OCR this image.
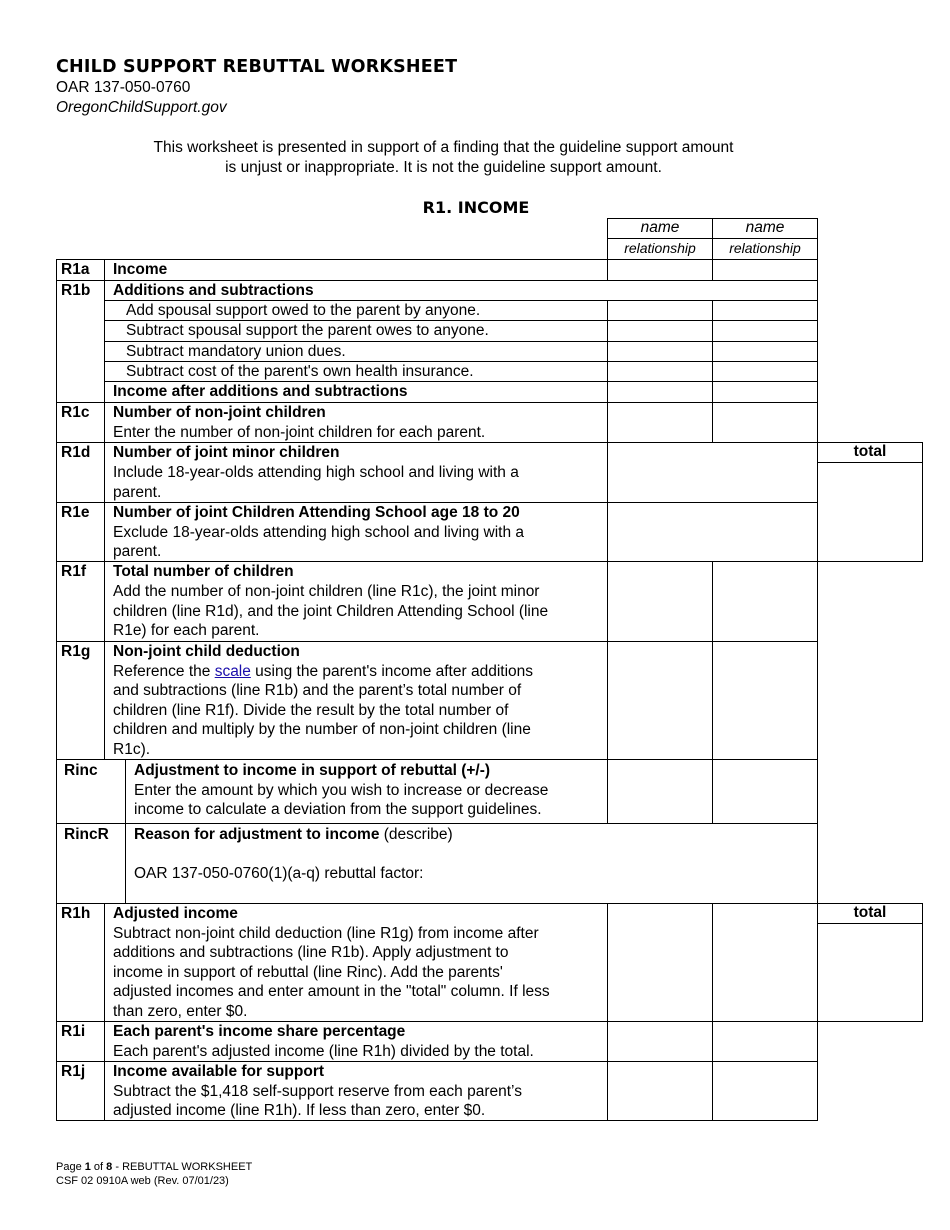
CHILD SUPPORT REBUTTAL WORKSHEET
OAR 137-050-0760
OregonChildSupport.gov
This worksheet is presented in support of a finding that the guideline support amount
is unjust or inappropriate. It is not the guideline support amount.
R1. INCOME
name
relationship
name
relationship
total
total
R1a Income
R1b Additions and subtractions
Add spousal support owed to the parent by anyone.
Subtract spousal support the parent owes to anyone.
Subtract mandatory union dues.
Subtract cost of the parent's own health insurance.
Income after additions and subtractions
R1c Number of non-joint children
Enter the number of non-joint children for each parent.
R1d Number of joint minor children
Include 18-year-olds attending high school and living with a
parent.
R1e Number of joint Children Attending School age 18 to 20
Exclude 18-year-olds attending high school and living with a
parent.
R1f Total number of children
Add the number of non-joint children (line R1c), the joint minor
children (line R1d), and the joint Children Attending School (line
R1e) for each parent.
R1g Non-joint child deduction
Reference the scale using the parent's income after additions
and subtractions (line R1b) and the parent’s total number of
children (line R1f). Divide the result by the total number of
children and multiply by the number of non-joint children (line
R1c).
Rinc Adjustment to income in support of rebuttal (+/-)
Enter the amount by which you wish to increase or decrease
income to calculate a deviation from the support guidelines.
RincR Reason for adjustment to income (describe)
OAR 137-050-0760(1)(a-q) rebuttal factor:
R1h Adjusted income
Subtract non-joint child deduction (line R1g) from income after
additions and subtractions (line R1b). Apply adjustment to
income in support of rebuttal (line Rinc). Add the parents'
adjusted incomes and enter amount in the "total" column. If less
than zero, enter $0.
R1i Each parent's income share percentage
Each parent's adjusted income (line R1h) divided by the total.
R1j Income available for support
Subtract the $1,418 self-support reserve from each parent’s
adjusted income (line R1h). If less than zero, enter $0.
Page 1 of 8 - REBUTTAL WORKSHEET
CSF 02 0910A web (Rev. 07/01/23)
